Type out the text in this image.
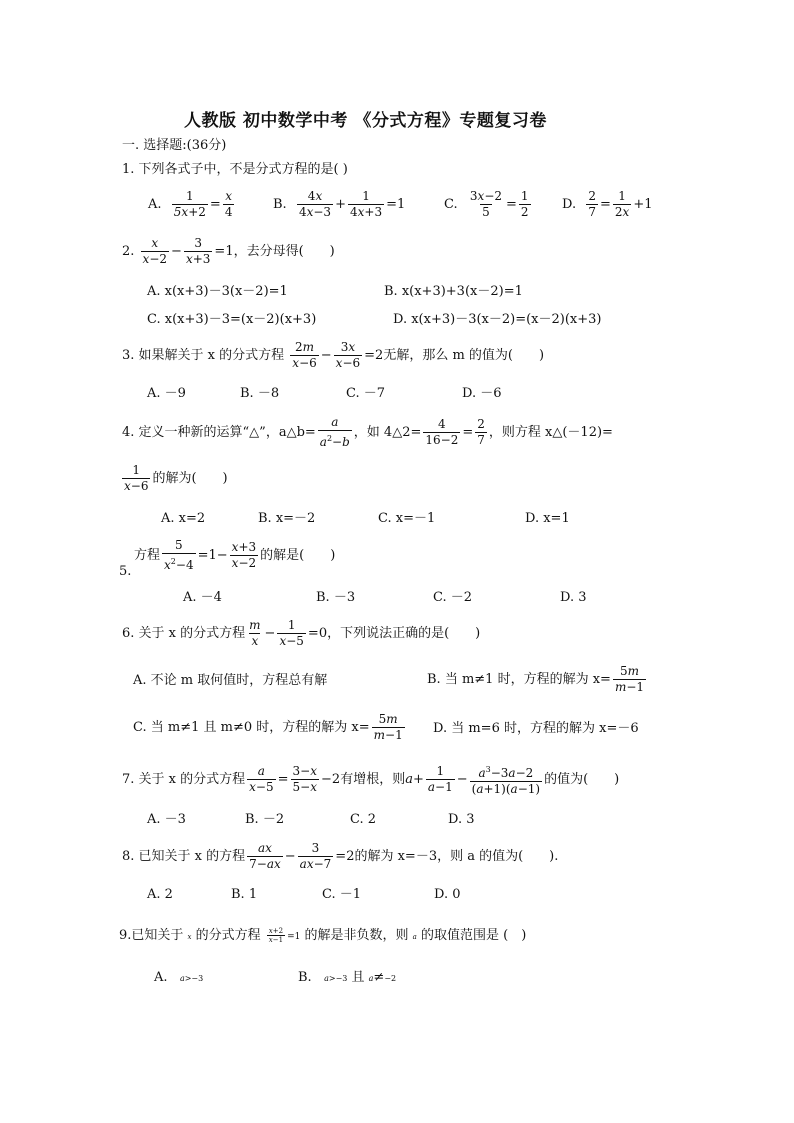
人教版 初中数学中考 《分式方程》专题复习卷
一. 选择题:(36分)
1. 下列各式子中，不是分式方程的是( )
A. $\frac{1}{5x+2} = \frac{x}{4}$	B. $\frac{4x}{4x-3} + \frac{1}{4x+3} =1$	C. $\frac{3x-2}{5} = \frac{1}{2} D$. $\frac{2}{7} = \frac{1}{2x} +1$
2. $\frac{x}{x-2} - \frac{3}{x+3} =1$，去分母得(　　)
A. x(x+3)－3(x－2)=1	B. x(x+3)+3(x－2)=1
C. x(x+3)－3=(x－2)(x+3)	D. x(x+3)－3(x－2)=(x－2)(x+3)
3. 如果解关于 x 的分式方程 $\frac{2m}{x-6} - \frac{3x}{x-6} =2$无解，那么 m 的值为(　　)
A. －9	B. －8	C. －7	D. －6
4. 定义一种新的运算“△”，a△b= $\frac{a}{a^2-b}$ ，如 4△2= $\frac{4}{16-2} = \frac{2}{7}$ ，则方程 x△(－12)=
$\frac{1}{x-6}$ 的解为(　　)
A. x=2	B. x=－2	C. x=－1	D. x=1
方程 $\frac{5}{x^2-4} =1- \frac{x+3}{x-2}$ 的解是(　　)
5.
A. －4	B. －3	C. －2	D. 3
6. 关于 x 的分式方程 $\frac{m}{x} - \frac{1}{x-5} =0$，下列说法正确的是(　　)
A. 不论 m 取何值时，方程总有解	B. 当 m≠1 时，方程的解为 $x= \frac{5m}{m-1}$
C. 当 m≠1 且 m≠0 时，方程的解为 $x= \frac{5m}{m-1} D$. 当 m=6 时，方程的解为 x=－6
7. 关于 x 的分式方程 $\frac{a}{x-5} = \frac{3-x}{5-x} -2$有增根，则$a+ \frac{1}{a-1} - \frac{a^3-3a-2}{(a+1)(a-1)}$ 的值为(　　)
A. －3	B. －2	C. 2	D. 3
8. 已知关于 x 的方程 $\frac{ax}{7-ax} - \frac{3}{ax-7} =2$的解为 x=－3，则 a 的值为(　　).
A. 2	B. 1	C. －1	D. 0
9.已知关于 x 的分式方程 $\frac{x+2}{x-1} =1$ 的解是非负数，则 a 的取值范围是 (　)
A. a>−3	B. a>−3 且 a≠−2
